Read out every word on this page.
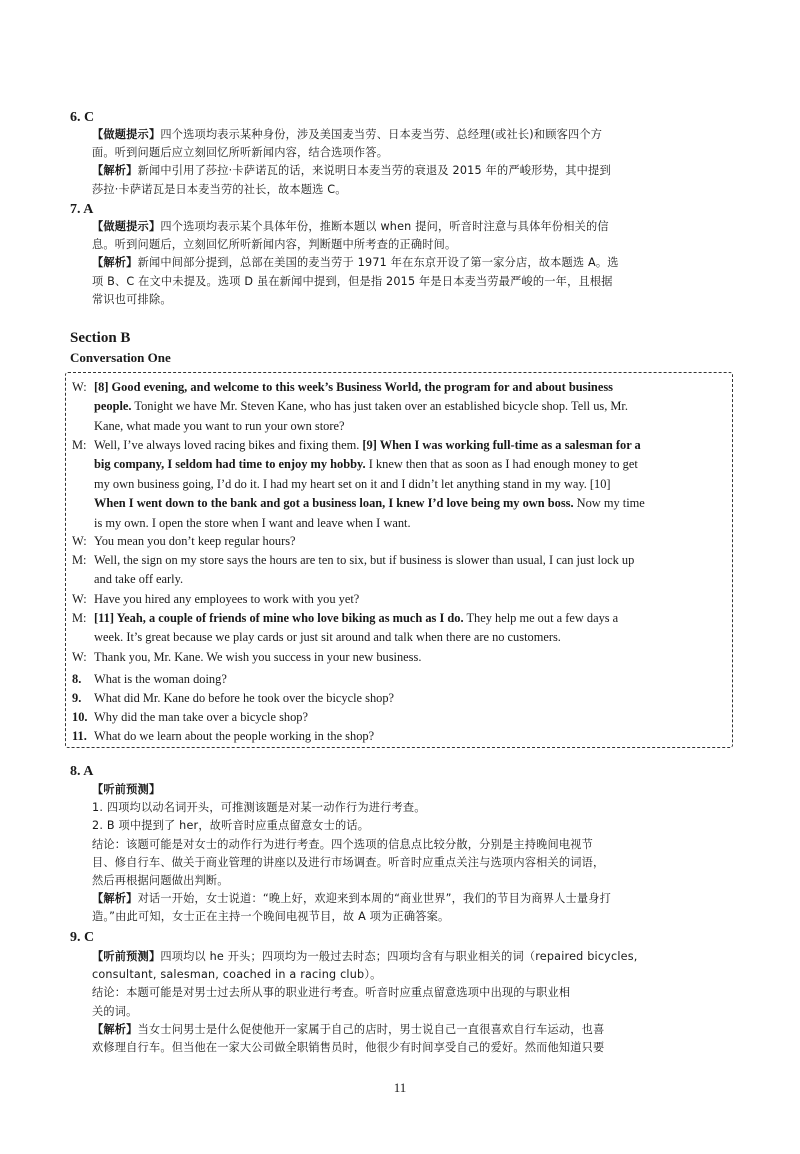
6. C
【做题提示】四个选项均表示某种身份，涉及美国麦当劳、日本麦当劳、总经理(或社长)和顾客四个方
面。听到问题后应立刻回忆所听新闻内容，结合选项作答。
【解析】新闻中引用了莎拉·卡萨诺瓦的话，来说明日本麦当劳的衰退及 2015 年的严峻形势，其中提到
莎拉·卡萨诺瓦是日本麦当劳的社长，故本题选 C。
7. A
【做题提示】四个选项均表示某个具体年份，推断本题以 when 提问，听音时注意与具体年份相关的信
息。听到问题后，立刻回忆所听新闻内容，判断题中所考查的正确时间。
【解析】新闻中间部分提到，总部在美国的麦当劳于 1971 年在东京开设了第一家分店，故本题选 A。选
项 B、C 在文中未提及。选项 D 虽在新闻中提到，但是指 2015 年是日本麦当劳最严峻的一年，且根据
常识也可排除。
Section B
Conversation One
W: [8] Good evening, and welcome to this week’s Business World, the program for and about business
people. Tonight we have Mr. Steven Kane, who has just taken over an established bicycle shop. Tell us, Mr.
Kane, what made you want to run your own store?
M: Well, I’ve always loved racing bikes and fixing them. [9] When I was working full-time as a salesman for a
big company, I seldom had time to enjoy my hobby. I knew then that as soon as I had enough money to get
my own business going, I’d do it. I had my heart set on it and I didn’t let anything stand in my way. [10]
When I went down to the bank and got a business loan, I knew I’d love being my own boss. Now my time
is my own. I open the store when I want and leave when I want.
W: You mean you don’t keep regular hours?
M: Well, the sign on my store says the hours are ten to six, but if business is slower than usual, I can just lock up
and take off early.
W: Have you hired any employees to work with you yet?
M: [11] Yeah, a couple of friends of mine who love biking as much as I do. They help me out a few days a
week. It’s great because we play cards or just sit around and talk when there are no customers.
W: Thank you, Mr. Kane. We wish you success in your new business.
8. What is the woman doing?
9. What did Mr. Kane do before he took over the bicycle shop?
10. Why did the man take over a bicycle shop?
11. What do we learn about the people working in the shop?
8. A
【听前预测】
1. 四项均以动名词开头，可推测该题是对某一动作行为进行考查。
2. B 项中提到了 her，故听音时应重点留意女士的话。
结论：该题可能是对女士的动作行为进行考查。四个选项的信息点比较分散，分别是主持晚间电视节
目、修自行车、做关于商业管理的讲座以及进行市场调查。听音时应重点关注与选项内容相关的词语，
然后再根据问题做出判断。
【解析】对话一开始，女士说道：“晚上好，欢迎来到本周的“商业世界”，我们的节目为商界人士量身打
造。”由此可知，女士正在主持一个晚间电视节目，故 A 项为正确答案。
9. C
【听前预测】四项均以 he 开头；四项均为一般过去时态；四项均含有与职业相关的词（repaired bicycles,
consultant, salesman, coached in a racing club）。
结论：本题可能是对男士过去所从事的职业进行考查。听音时应重点留意选项中出现的与职业相
关的词。
【解析】当女士问男士是什么促使他开一家属于自己的店时，男士说自己一直很喜欢自行车运动，也喜
欢修理自行车。但当他在一家大公司做全职销售员时，他很少有时间享受自己的爱好。然而他知道只要
11
